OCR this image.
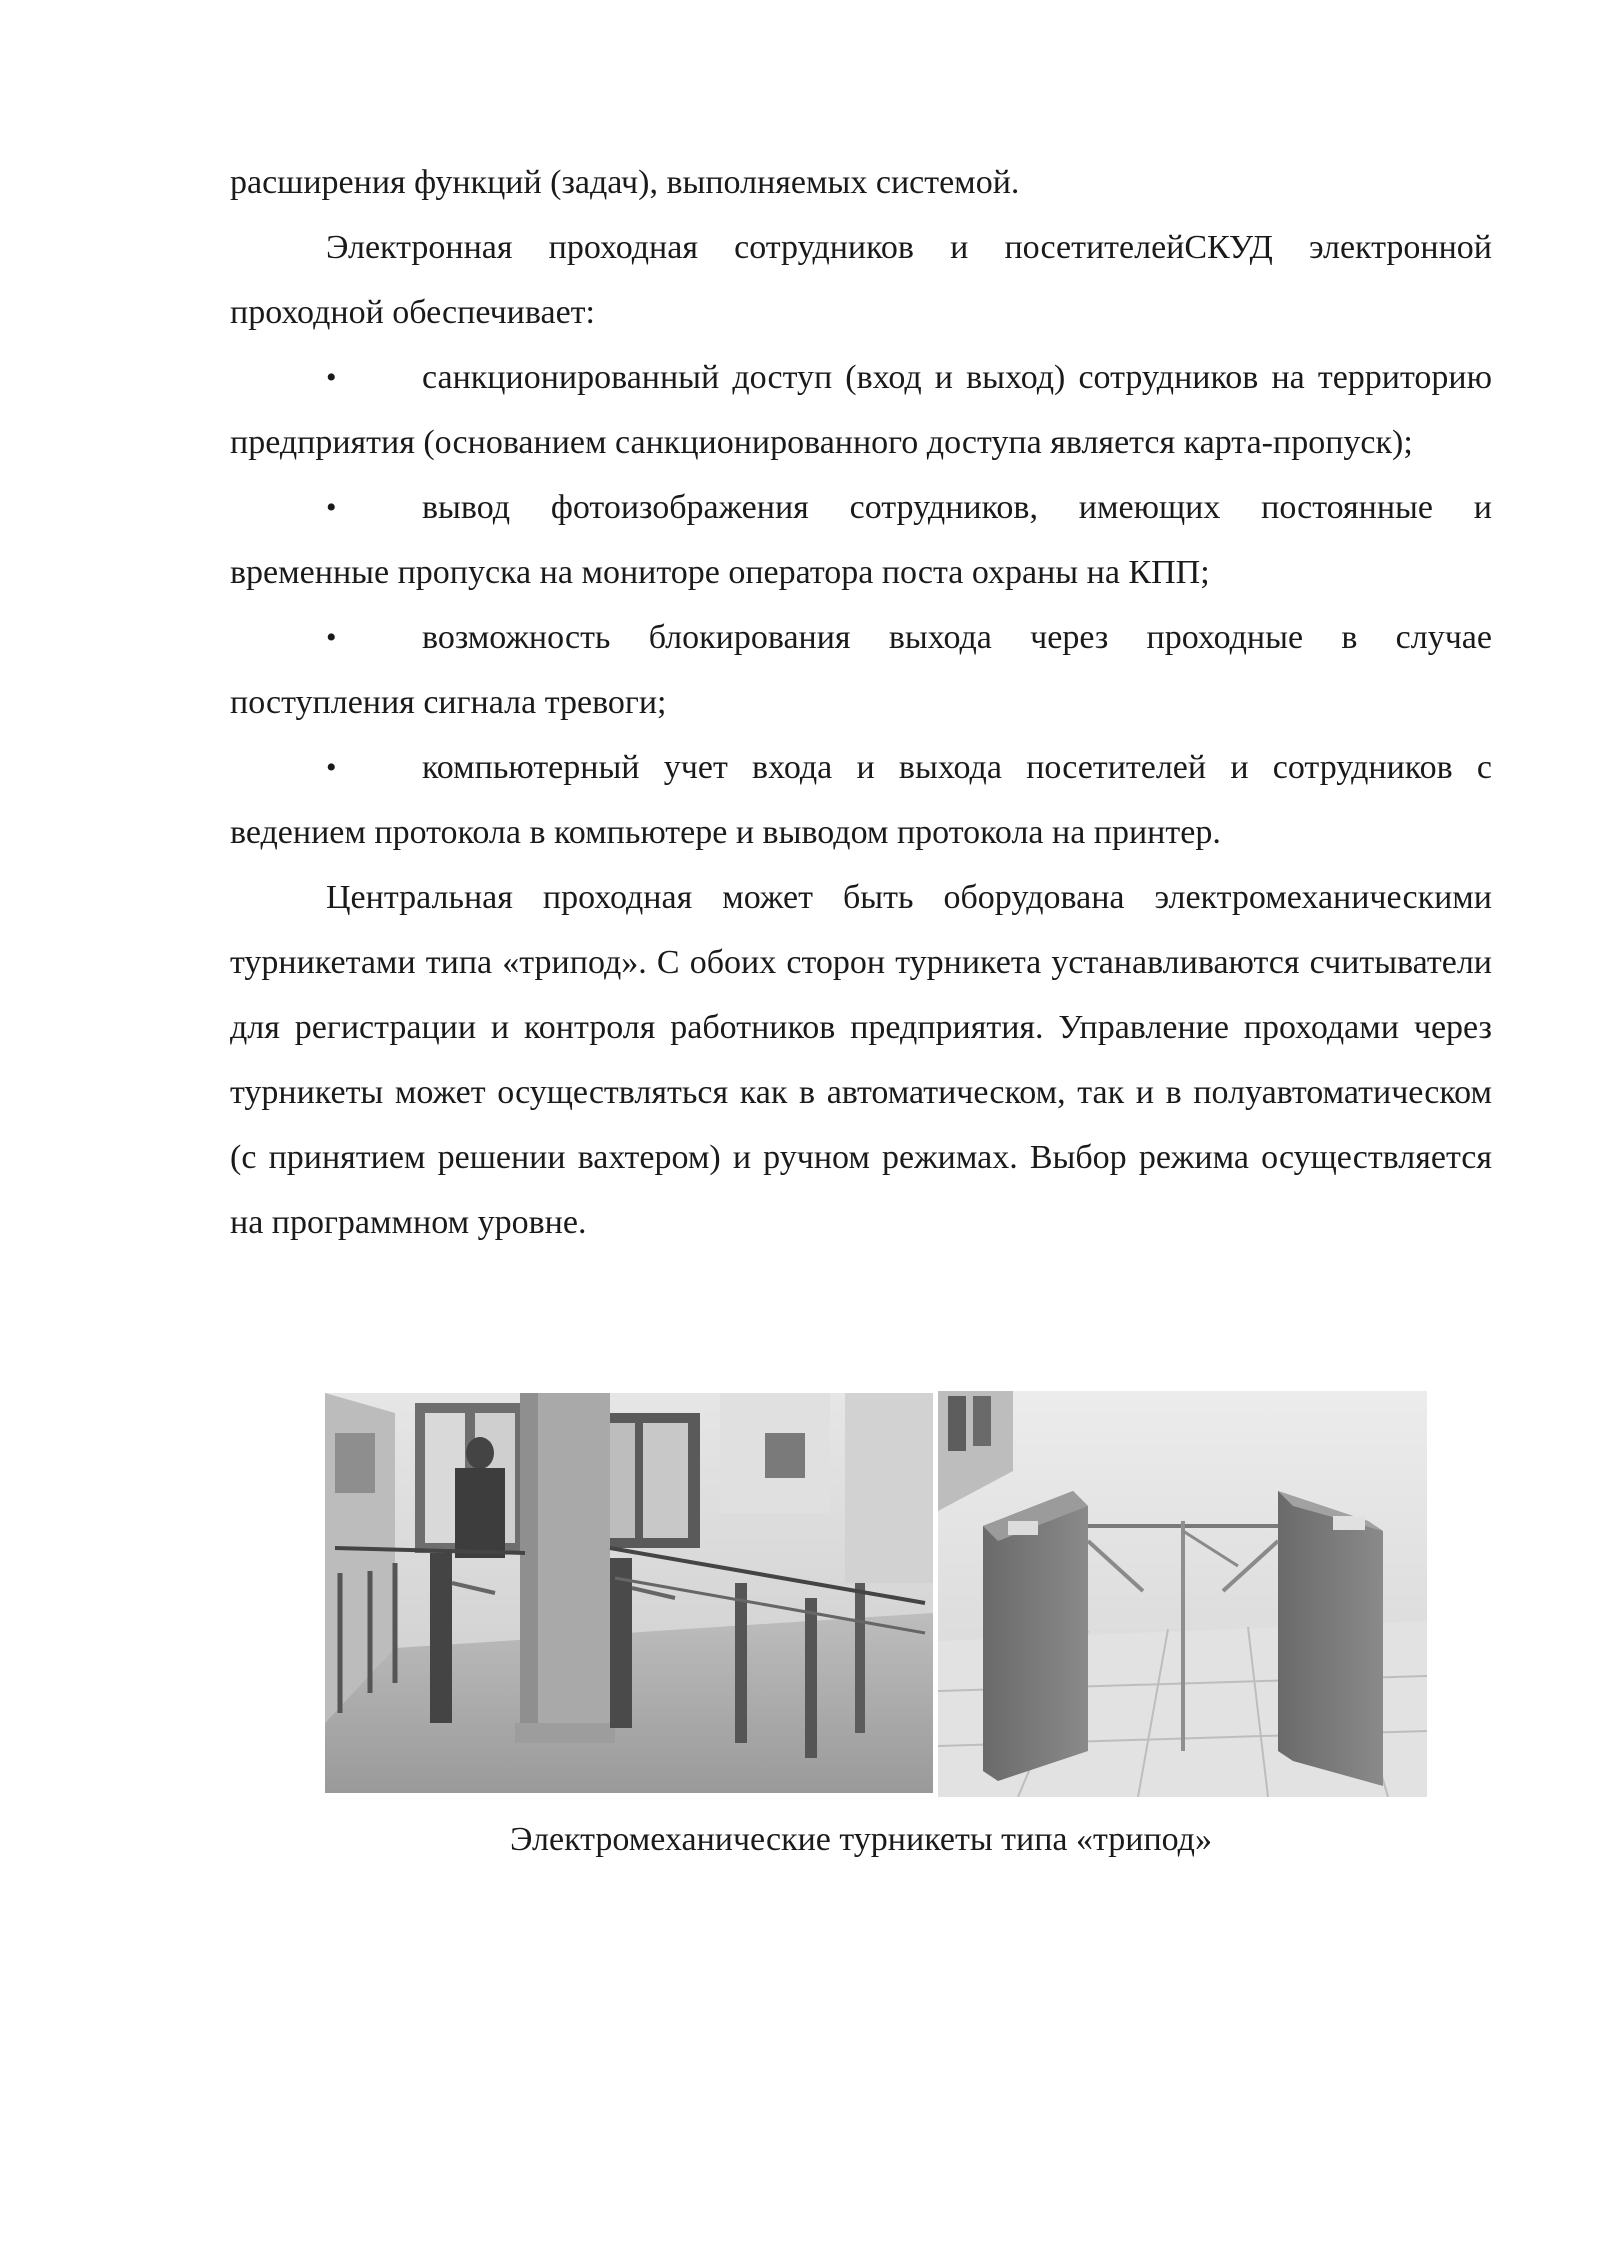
расширения функций (задач), выполняемых системой.

Электронная проходная сотрудников и посетителейСКУД электронной проходной обеспечивает:

•	санкционированный доступ (вход и выход) сотрудников на территорию предприятия (основанием санкционированного доступа является карта-пропуск);

•	вывод фотоизображения сотрудников, имеющих постоянные и временные пропуска на мониторе оператора поста охраны на КПП;

•	возможность блокирования выхода через проходные в случае поступления сигнала тревоги;

•	компьютерный учет входа и выхода посетителей и сотрудников с ведением протокола в компьютере и выводом протокола на принтер.

Центральная проходная может быть оборудована электромеханическими турникетами типа «трипод». С обоих сторон турникета устанавливаются считыватели для регистрации и контроля работников предприятия. Управление проходами через турникеты может осуществляться как в автоматическом, так и в полуавтоматическом (с принятием решении вахтером) и ручном режимах. Выбор режима осуществляется на программном уровне.

Электромеханические турникеты типа «трипод»
